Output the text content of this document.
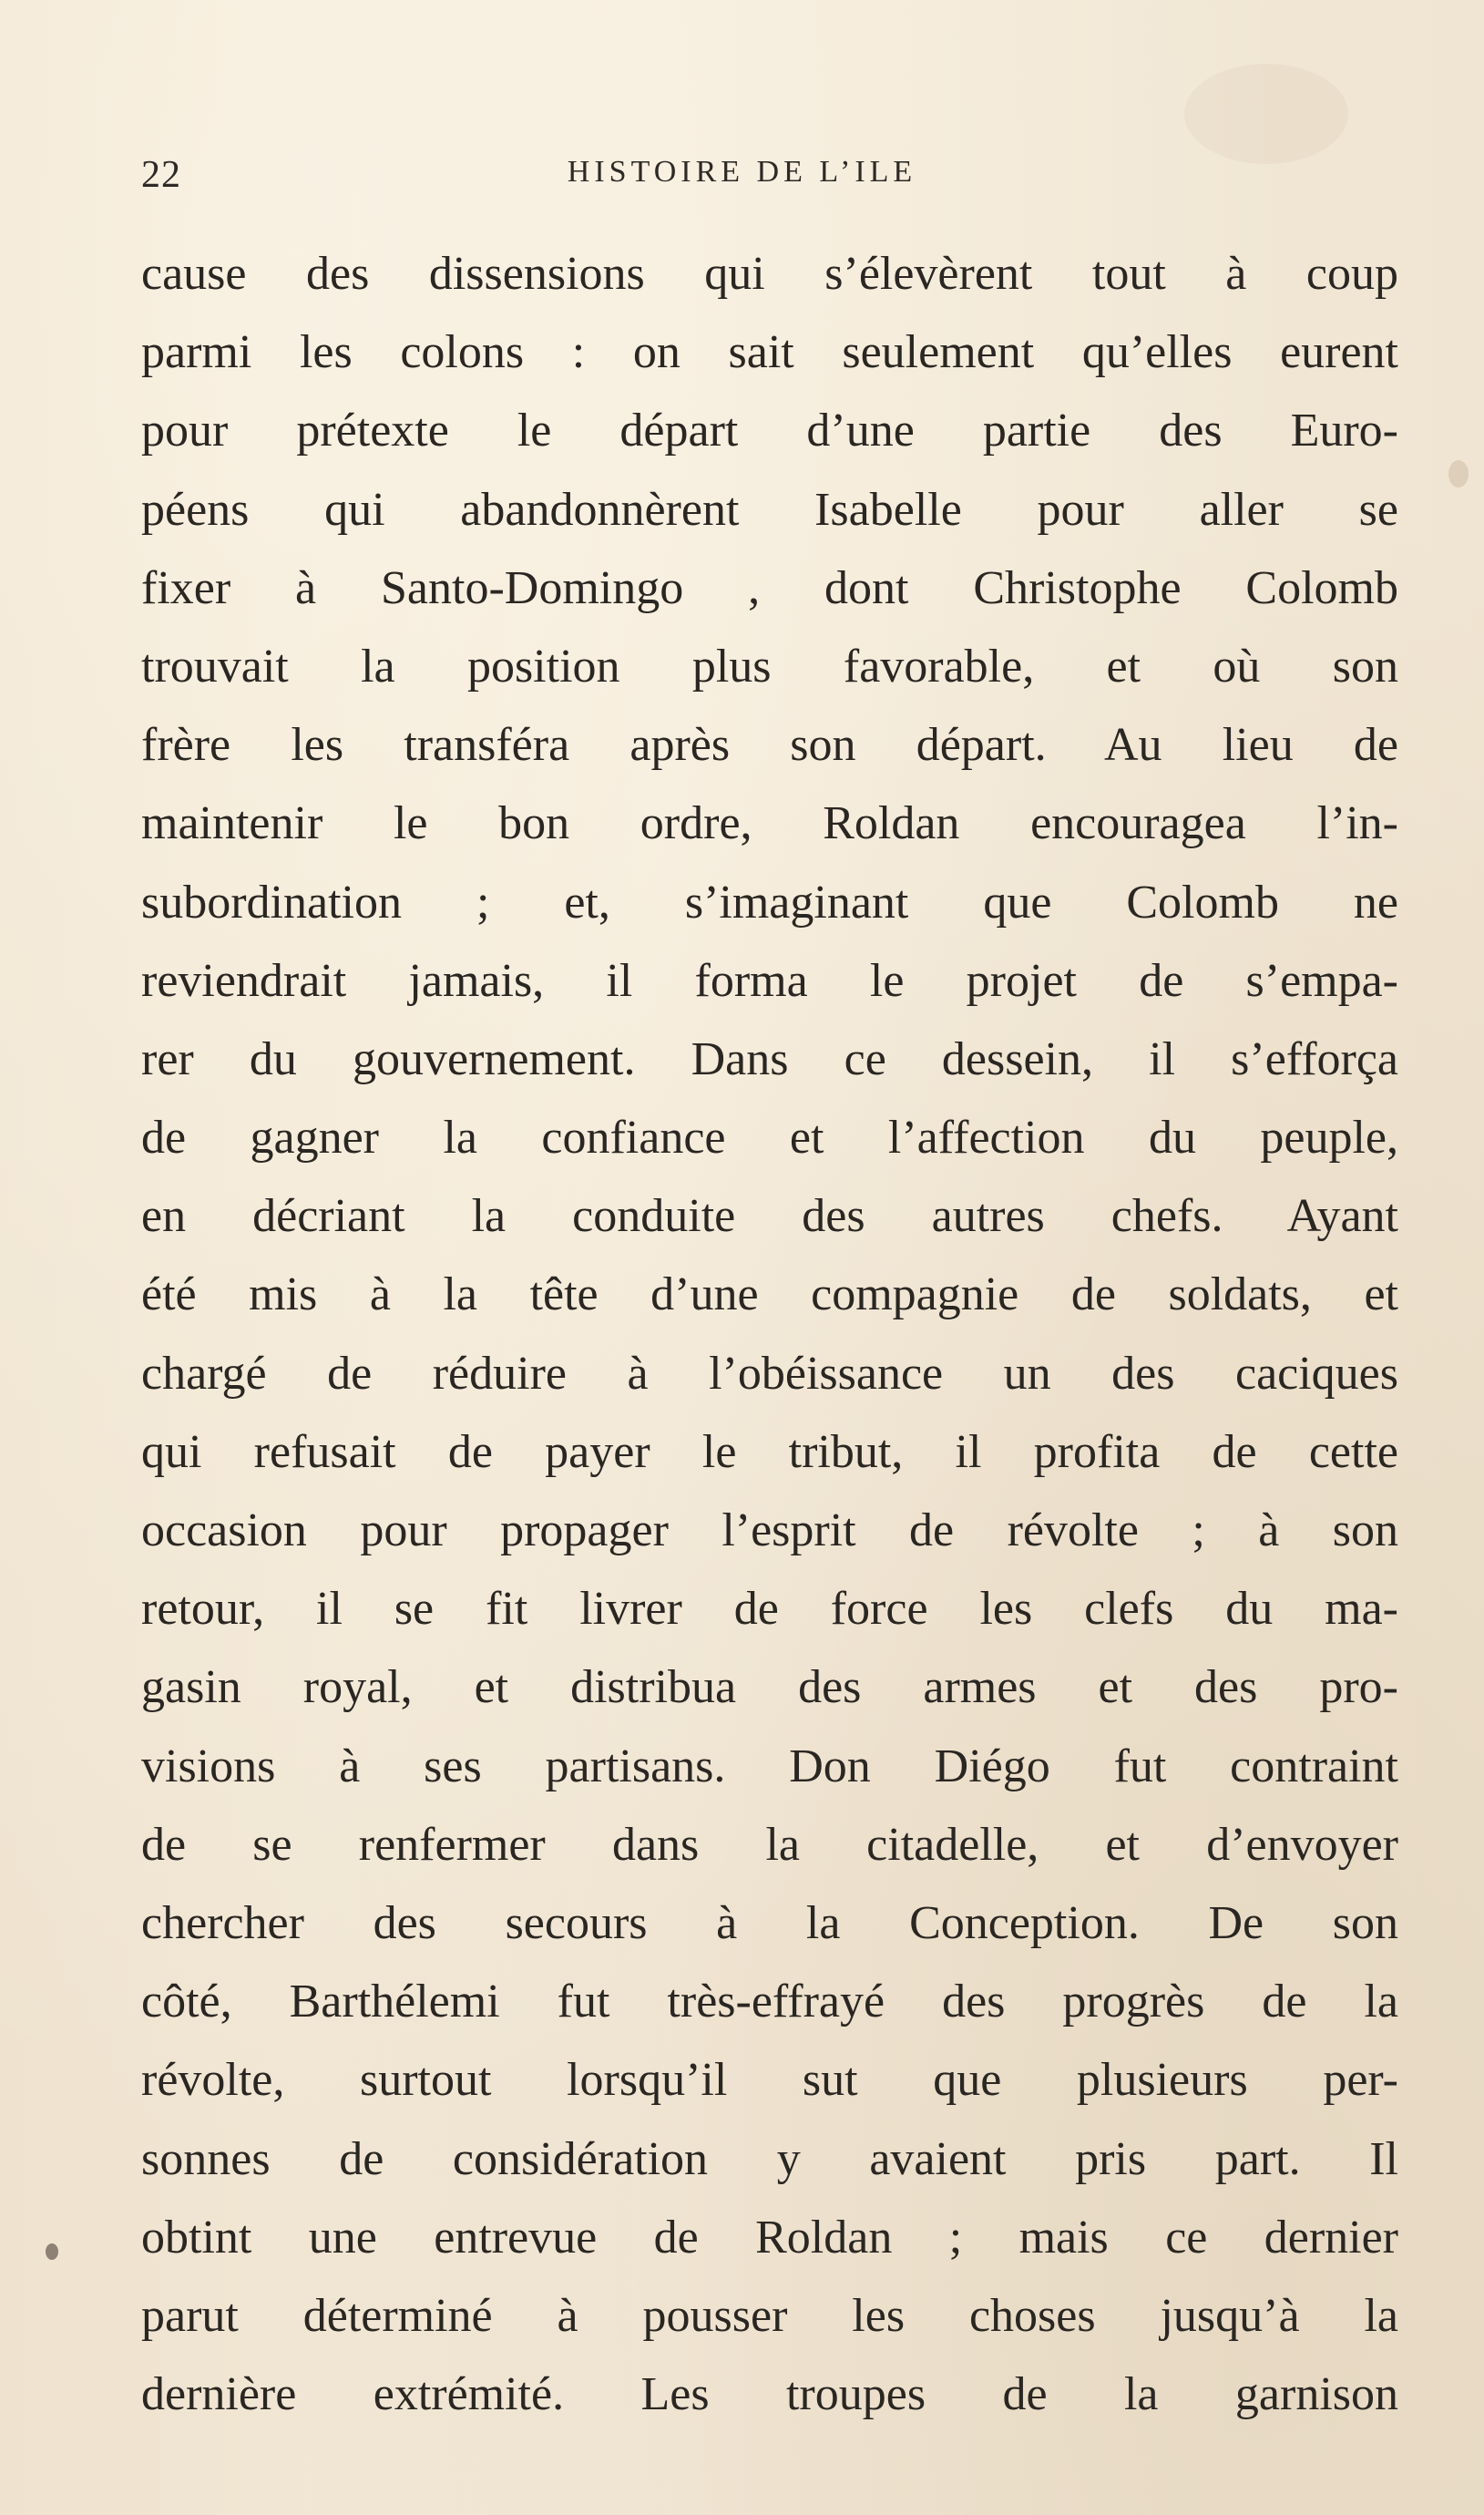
22	HISTOIRE DE L’ILE
cause des dissensions qui s’élevèrent tout à coup
parmi les colons : on sait seulement qu’elles eurent
pour prétexte le départ d’une partie des Euro-
péens qui abandonnèrent Isabelle pour aller se
fixer à Santo-Domingo , dont Christophe Colomb
trouvait la position plus favorable, et où son
frère les transféra après son départ. Au lieu de
maintenir le bon ordre, Roldan encouragea l’in-
subordination ; et, s’imaginant que Colomb ne
reviendrait jamais, il forma le projet de s’empa-
rer du gouvernement. Dans ce dessein, il s’efforça
de gagner la confiance et l’affection du peuple,
en décriant la conduite des autres chefs. Ayant
été mis à la tête d’une compagnie de soldats, et
chargé de réduire à l’obéissance un des caciques
qui refusait de payer le tribut, il profita de cette
occasion pour propager l’esprit de révolte ; à son
retour, il se fit livrer de force les clefs du ma-
gasin royal, et distribua des armes et des pro-
visions à ses partisans. Don Diégo fut contraint
de se renfermer dans la citadelle, et d’envoyer
chercher des secours à la Conception. De son
côté, Barthélemi fut très-effrayé des progrès de la
révolte, surtout lorsqu’il sut que plusieurs per-
sonnes de considération y avaient pris part. Il
obtint une entrevue de Roldan ; mais ce dernier
parut déterminé à pousser les choses jusqu’à la
dernière extrémité. Les troupes de la garnison
